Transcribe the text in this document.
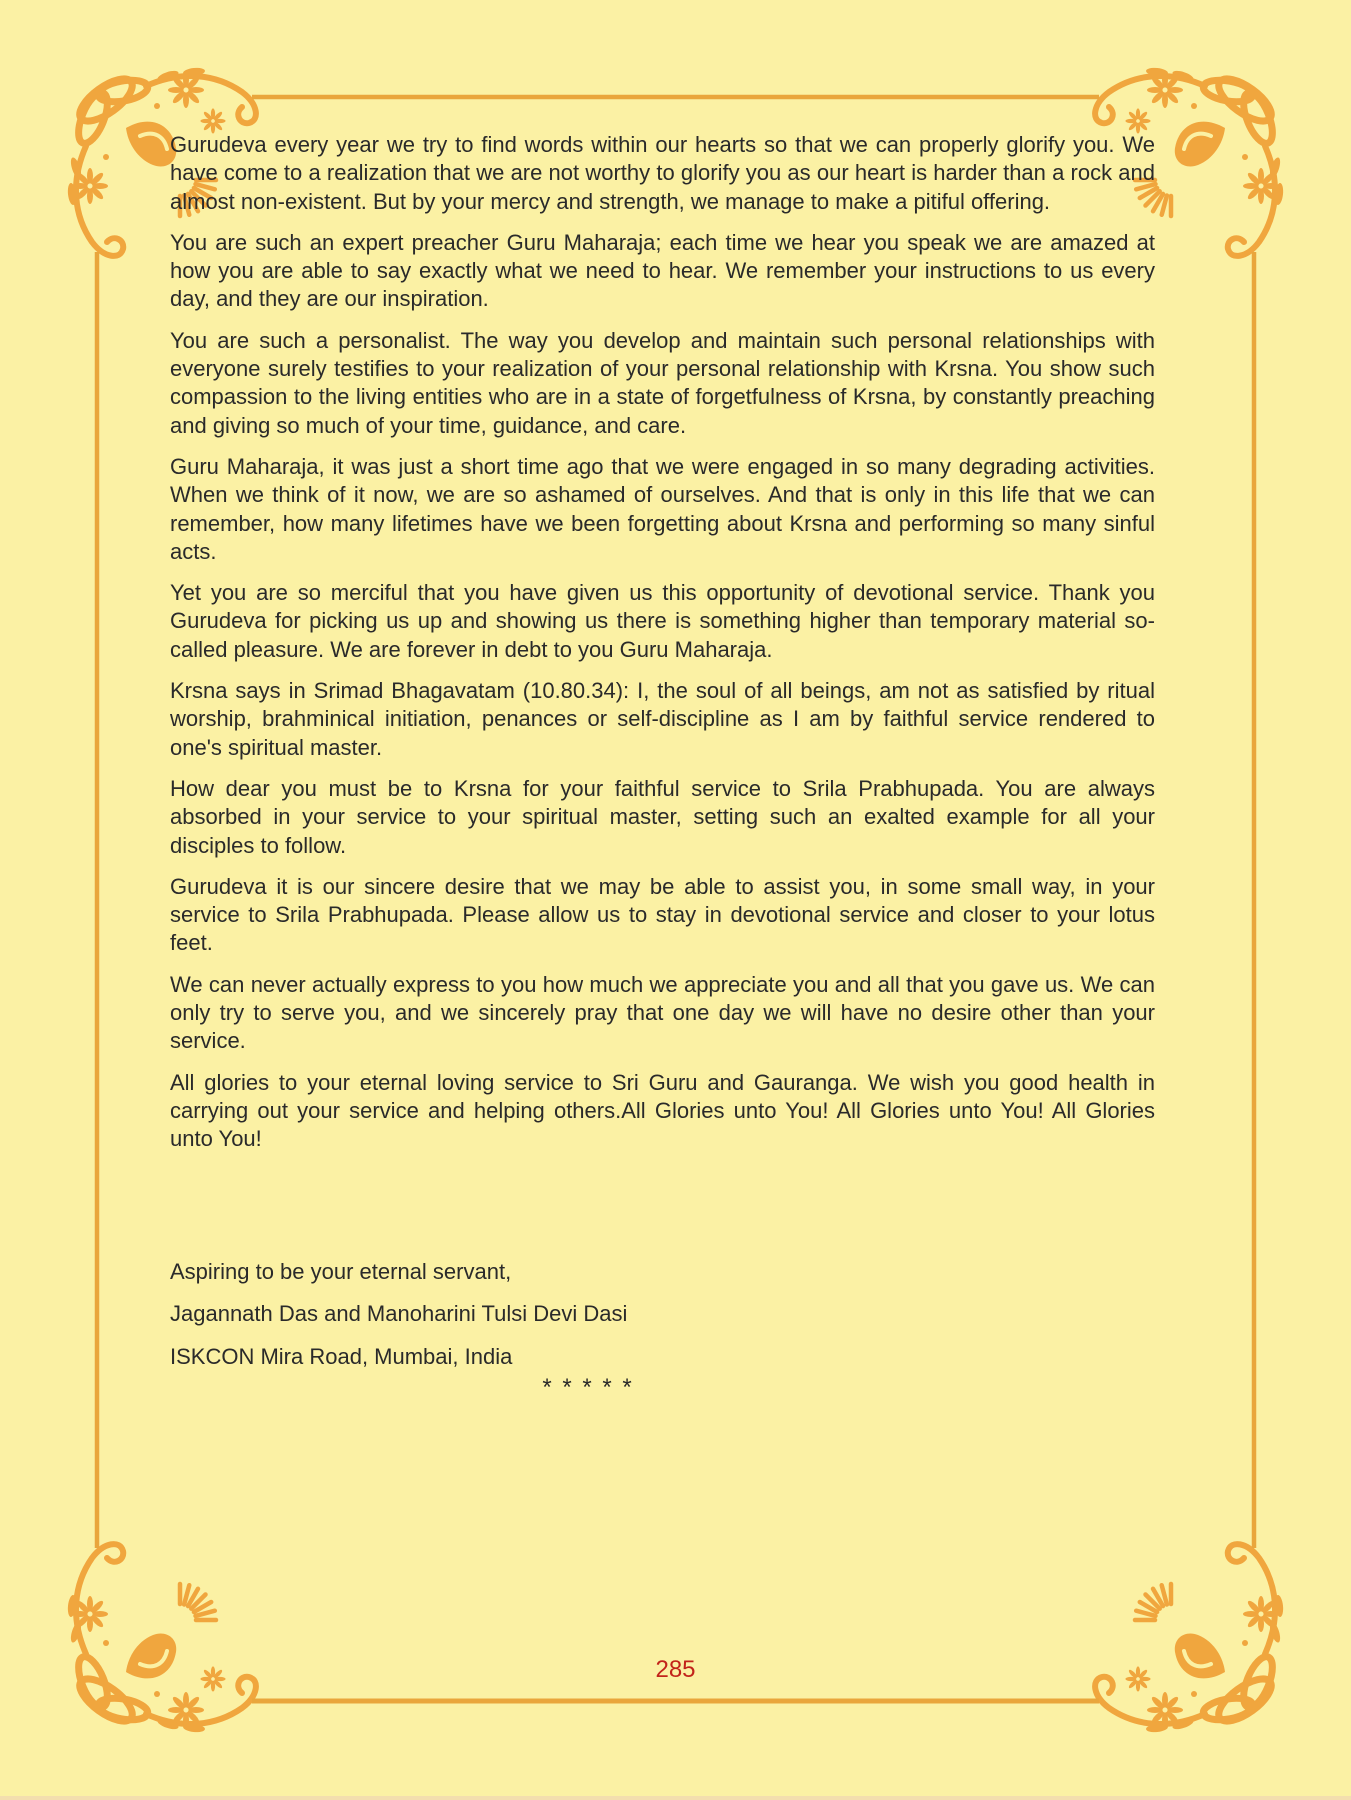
Gurudeva every year we try to find words within our hearts so that we can properly glorify you. We have come to a realization that we are not worthy to glorify you as our heart is harder than a rock and almost non-existent. But by your mercy and strength, we manage to make a pitiful offering.

You are such an expert preacher Guru Maharaja; each time we hear you speak we are amazed at how you are able to say exactly what we need to hear. We remember your instructions to us every day, and they are our inspiration.

You are such a personalist. The way you develop and maintain such personal relationships with everyone surely testifies to your realization of your personal relationship with Krsna. You show such compassion to the living entities who are in a state of forgetfulness of Krsna, by constantly preaching and giving so much of your time, guidance, and care.

Guru Maharaja, it was just a short time ago that we were engaged in so many degrading activities. When we think of it now, we are so ashamed of ourselves. And that is only in this life that we can remember, how many lifetimes have we been forgetting about Krsna and performing so many sinful acts.

Yet you are so merciful that you have given us this opportunity of devotional service. Thank you Gurudeva for picking us up and showing us there is something higher than temporary material so-called pleasure. We are forever in debt to you Guru Maharaja.

Krsna says in Srimad Bhagavatam (10.80.34): I, the soul of all beings, am not as satisfied by ritual worship, brahminical initiation, penances or self-discipline as I am by faithful service rendered to one's spiritual master.

How dear you must be to Krsna for your faithful service to Srila Prabhupada. You are always absorbed in your service to your spiritual master, setting such an exalted example for all your disciples to follow.

Gurudeva it is our sincere desire that we may be able to assist you, in some small way, in your service to Srila Prabhupada. Please allow us to stay in devotional service and closer to your lotus feet.

We can never actually express to you how much we appreciate you and all that you gave us. We can only try to serve you, and we sincerely pray that one day we will have no desire other than your service.

All glories to your eternal loving service to Sri Guru and Gauranga. We wish you good health in carrying out your service and helping others.All Glories unto You! All Glories unto You! All Glories unto You!

Aspiring to be your eternal servant,

Jagannath Das and Manoharini Tulsi Devi Dasi

ISKCON Mira Road, Mumbai, India

* * * * *
285
